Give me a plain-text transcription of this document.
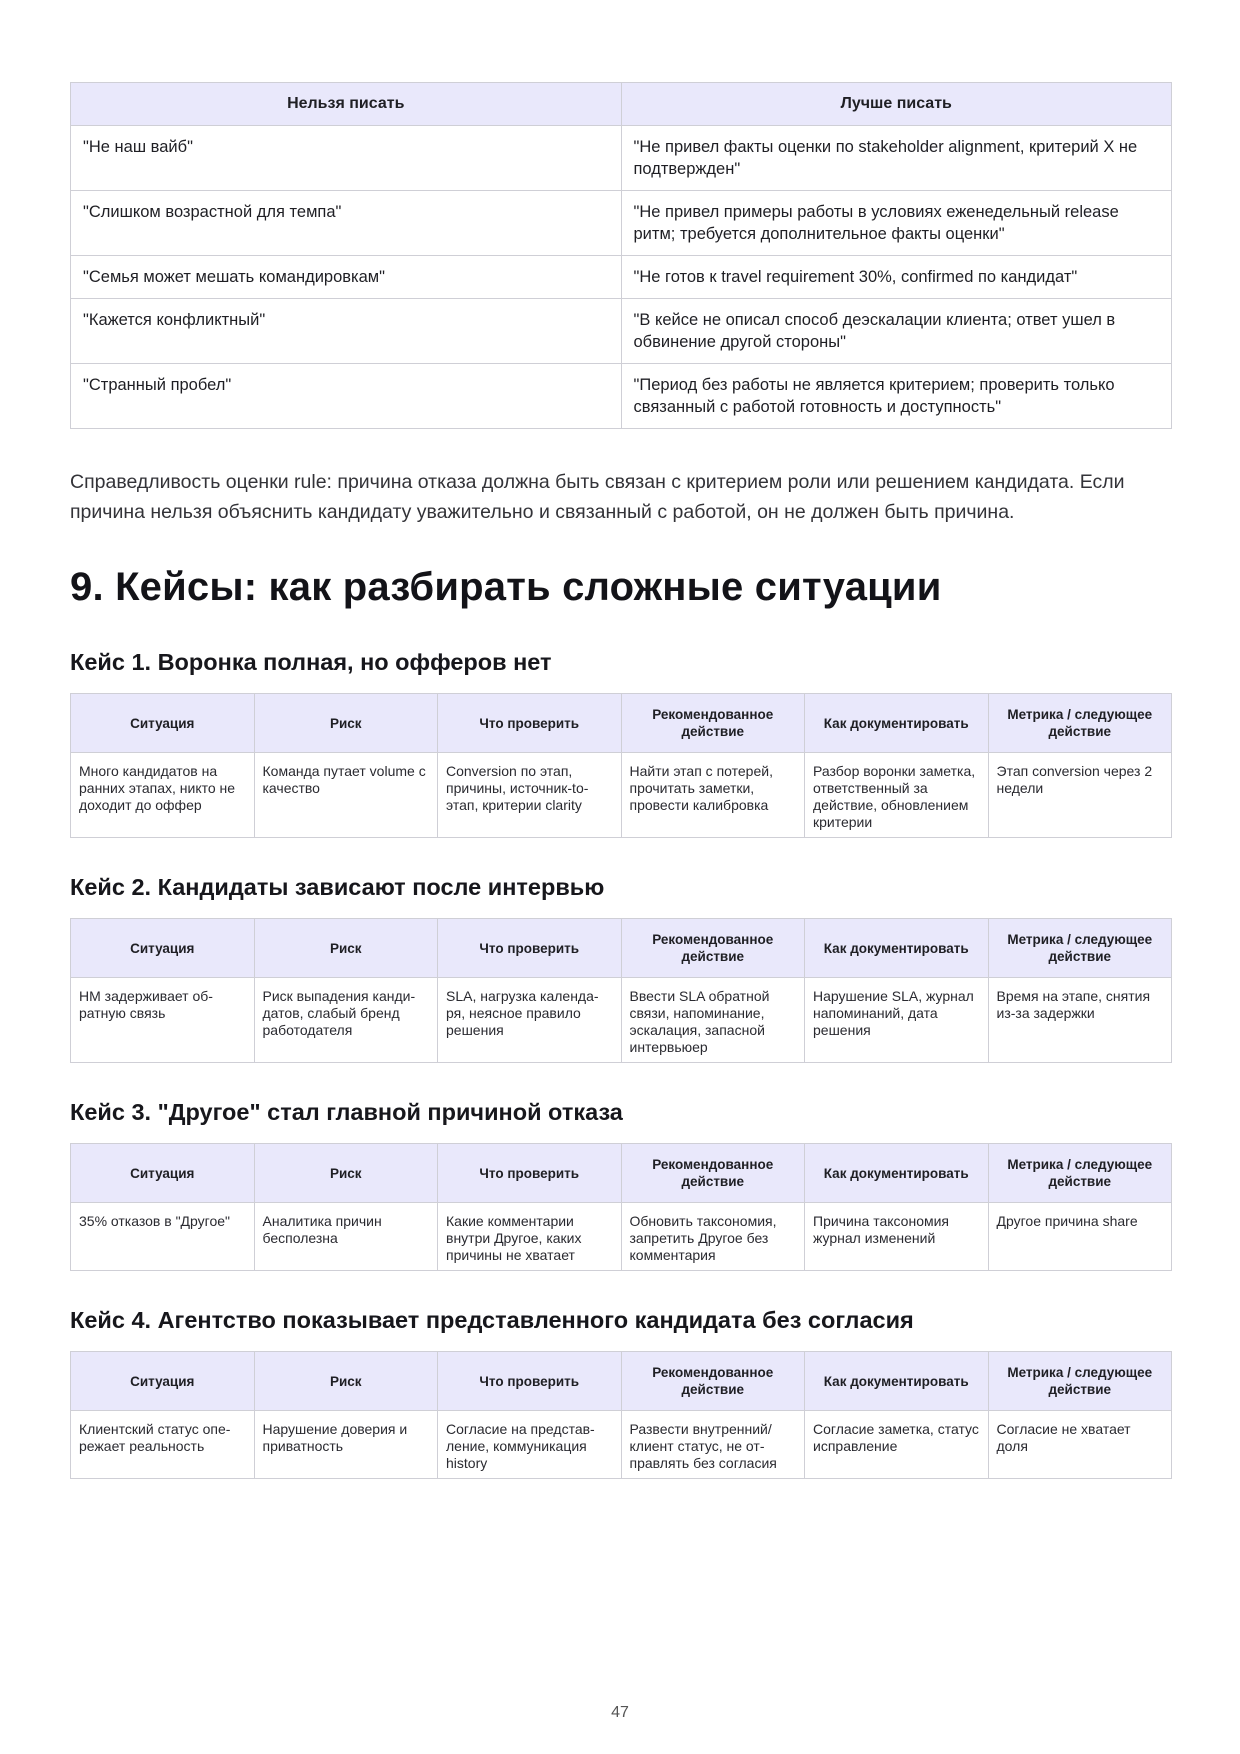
Нельзя писать	Лучше писать
"Не наш вайб"	"Не привел факты оценки по stakeholder alignment, критерий X не подтвержден"
"Слишком возрастной для темпа"	"Не привел примеры работы в условиях еженедельный release ритм; требуется дополнительное факты оценки"
"Семья может мешать командировкам"	"Не готов к travel requirement 30%, confirmed по кандидат"
"Кажется конфликтный"	"В кейсе не описал способ деэскалации клиента; ответ ушел в обвинение другой стороны"
"Странный пробел"	"Период без работы не является критерием; проверить только связанный с работой готовность и доступность"

Справедливость оценки rule: причина отказа должна быть связан с критерием роли или решением кандидата. Если причина нельзя объяснить кандидату уважительно и связанный с работой, он не должен быть причина.

9. Кейсы: как разбирать сложные ситуации
Кейс 1. Воронка полная, но офферов нет
Ситуация	Риск	Что проверить	Рекомендованное действие	Как документировать	Метрика / следующее действие
Много кандидатов на ранних этапах, никто не доходит до оффер	Команда путает volume с качество	Conversion по этап, причины, источник-to-этап, критерии clarity	Найти этап с потерей, прочитать заметки, провести калибровка	Разбор воронки заметка, ответственный за действие, обновлением критерии	Этап conversion через 2 недели
Кейс 2. Кандидаты зависают после интервью
Ситуация	Риск	Что проверить	Рекомендованное действие	Как документировать	Метрика / следующее действие
HM задерживает обратную связь	Риск выпадения кандидатов, слабый бренд работодателя	SLA, нагрузка календаря, неясное правило решения	Ввести SLA обратной связи, напоминание, эскалация, запасной интервьюер	Нарушение SLA, журнал напоминаний, дата решения	Время на этапе, снятия из-за задержки
Кейс 3. "Другое" стал главной причиной отказа
Ситуация	Риск	Что проверить	Рекомендованное действие	Как документировать	Метрика / следующее действие
35% отказов в "Другое"	Аналитика причин бесполезна	Какие комментарии внутри Другое, каких причины не хватает	Обновить таксономия, запретить Другое без комментария	Причина таксономия журнал изменений	Другое причина share
Кейс 4. Агентство показывает представленного кандидата без согласия
Ситуация	Риск	Что проверить	Рекомендованное действие	Как документировать	Метрика / следующее действие
Клиентский статус опережает реальность	Нарушение доверия и приватность	Согласие на представление, коммуникация history	Развести внутренний/ клиент статус, не отправлять без согласия	Согласие заметка, статус исправление	Согласие не хватает доля
47
